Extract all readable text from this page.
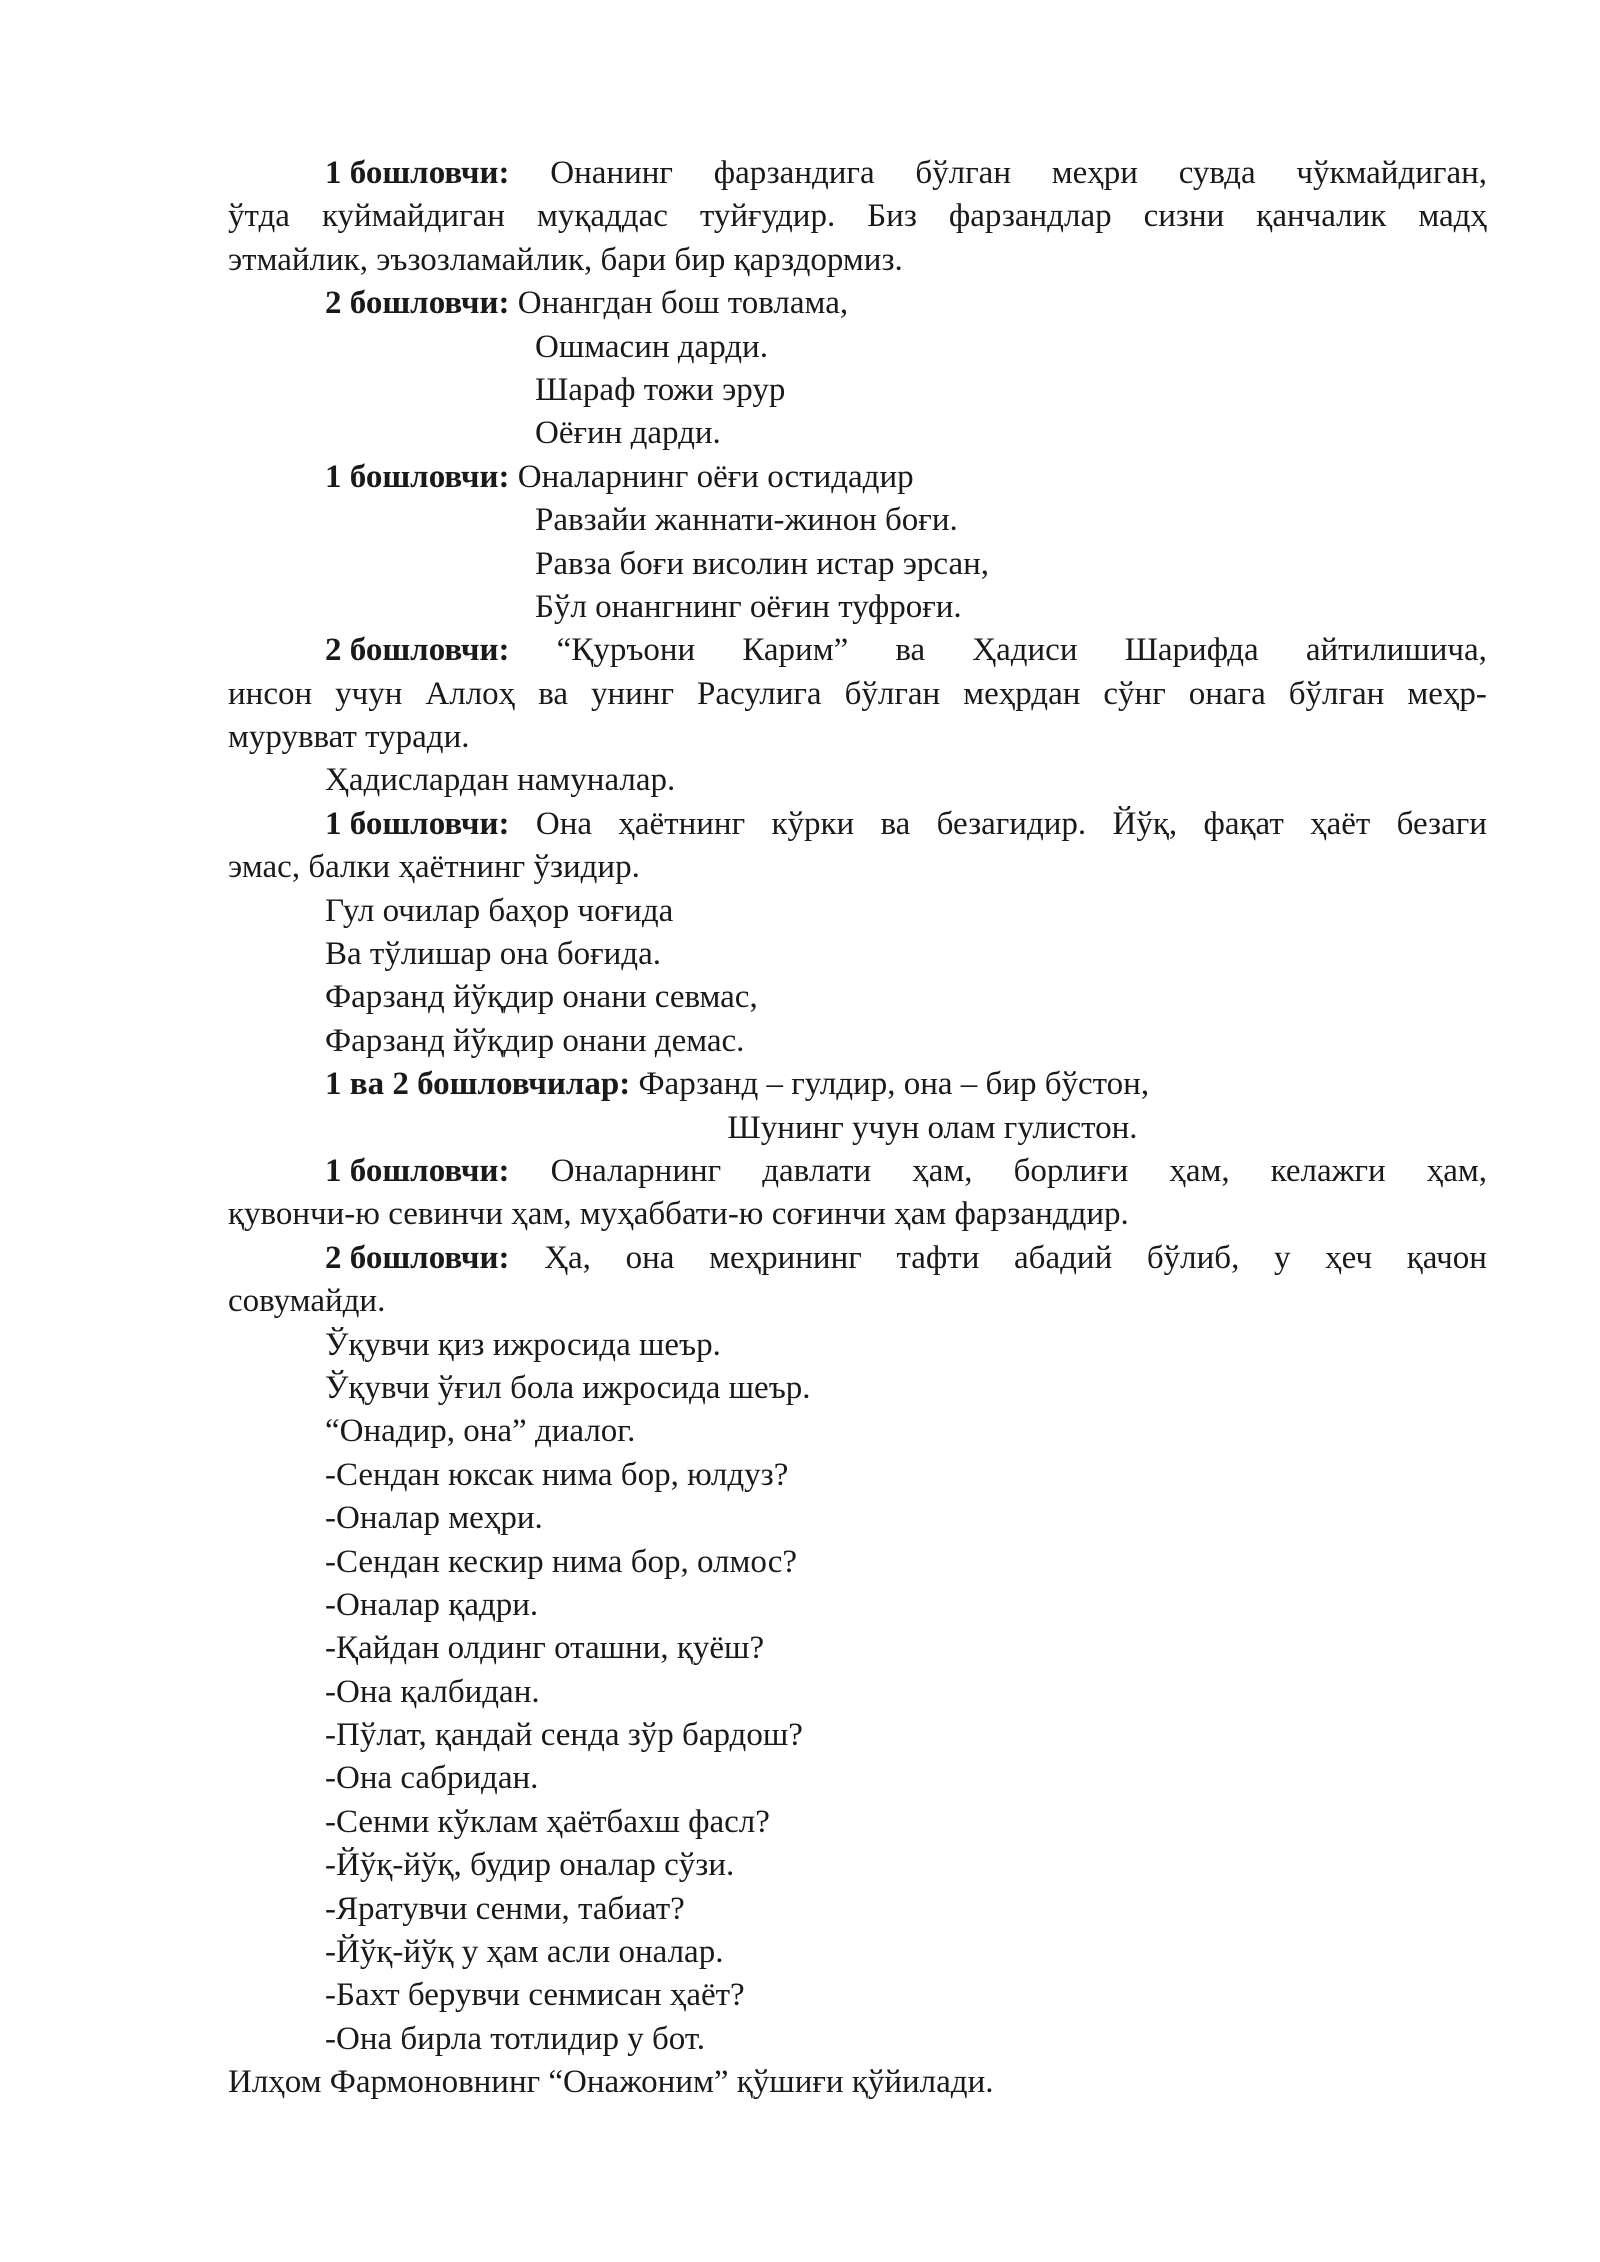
1 бошловчи: Онанинг фарзандига бўлган меҳри сувда чўкмайдиган,
ўтда куймайдиган муқаддас туйғудир. Биз фарзандлар сизни қанчалик мадҳ
этмайлик, эъзозламайлик, бари бир қарздормиз.
2 бошловчи: Онангдан бош товлама,
Ошмасин дарди.
Шараф тожи эрур
Оёғин дарди.
1 бошловчи: Оналарнинг оёғи остидадир
Равзайи жаннати-жинон боғи.
Равза боғи висолин истар эрсан,
Бўл онангнинг оёғин туфроғи.
2 бошловчи: “Қуръони Карим” ва Ҳадиси Шарифда айтилишича,
инсон учун Аллоҳ ва унинг Расулига бўлган меҳрдан сўнг онага бўлган меҳр-
мурувват туради.
Ҳадислардан намуналар.
1 бошловчи: Она ҳаётнинг кўрки ва безагидир. Йўқ, фақат ҳаёт безаги
эмас, балки ҳаётнинг ўзидир.
Гул очилар баҳор чоғида
Ва тўлишар она боғида.
Фарзанд йўқдир онани севмас,
Фарзанд йўқдир онани демас.
1 ва 2 бошловчилар: Фарзанд – гулдир, она – бир бўстон,
Шунинг учун олам гулистон.
1 бошловчи: Оналарнинг давлати ҳам, борлиғи ҳам, келажги ҳам,
қувончи-ю севинчи ҳам, муҳаббати-ю соғинчи ҳам фарзанддир.
2 бошловчи: Ҳа, она меҳрининг тафти абадий бўлиб, у ҳеч қачон
совумайди.
Ўқувчи қиз ижросида шеър.
Ўқувчи ўғил бола ижросида шеър.
“Онадир, она” диалог.
-Сендан юксак нима бор, юлдуз?
-Оналар меҳри.
-Сендан кескир нима бор, олмос?
-Оналар қадри.
-Қайдан олдинг оташни, қуёш?
-Она қалбидан.
-Пўлат, қандай сенда зўр бардош?
-Она сабридан.
-Сенми кўклам ҳаётбахш фасл?
-Йўқ-йўқ, будир оналар сўзи.
-Яратувчи сенми, табиат?
-Йўқ-йўқ у ҳам асли оналар.
-Бахт берувчи сенмисан ҳаёт?
-Она бирла тотлидир у бот.
Илҳом Фармоновнинг “Онажоним” қўшиғи қўйилади.
